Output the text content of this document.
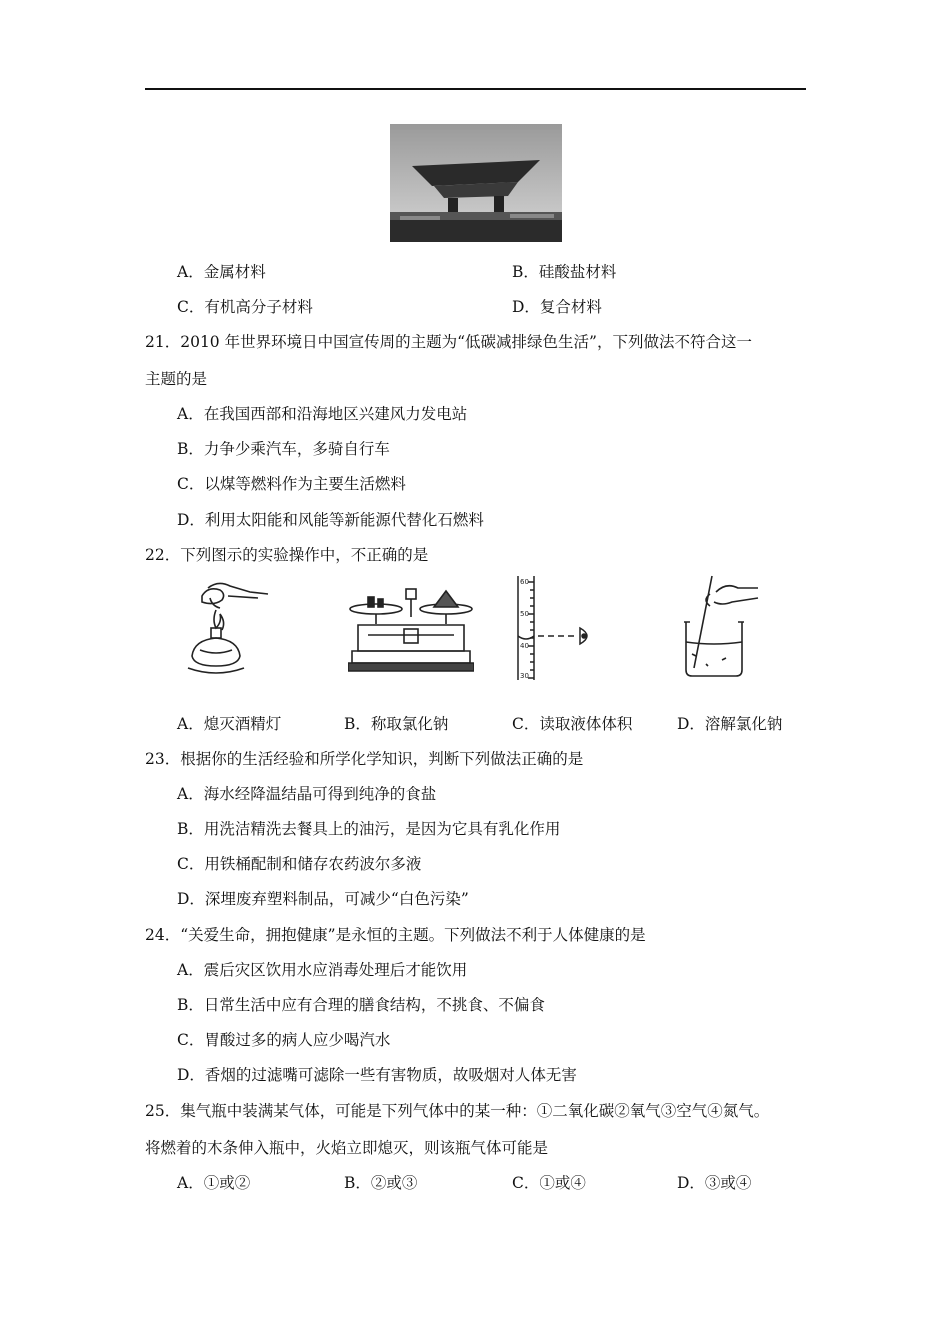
A．金属材料	B．硅酸盐材料
C．有机高分子材料	D．复合材料
21．2010 年世界环境日中国宣传周的主题为“低碳减排绿色生活”，下列做法不符合这一
主题的是
A．在我国西部和沿海地区兴建风力发电站
B．力争少乘汽车，多骑自行车
C．以煤等燃料作为主要生活燃料
D．利用太阳能和风能等新能源代替化石燃料
22．下列图示的实验操作中，不正确的是
60
50
40
30
A．熄灭酒精灯	B．称取氯化钠	C．读取液体体积	D．溶解氯化钠
23．根据你的生活经验和所学化学知识，判断下列做法正确的是
A．海水经降温结晶可得到纯净的食盐
B．用洗洁精洗去餐具上的油污，是因为它具有乳化作用
C．用铁桶配制和储存农药波尔多液
D．深埋废弃塑料制品，可减少“白色污染”
24．“关爱生命，拥抱健康”是永恒的主题。下列做法不利于人体健康的是
A．震后灾区饮用水应消毒处理后才能饮用
B．日常生活中应有合理的膳食结构，不挑食、不偏食
C．胃酸过多的病人应少喝汽水
D．香烟的过滤嘴可滤除一些有害物质，故吸烟对人体无害
25．集气瓶中装满某气体，可能是下列气体中的某一种：①二氧化碳②氧气③空气④氮气。
将燃着的木条伸入瓶中，火焰立即熄灭，则该瓶气体可能是
A．①或②	B．②或③	C．①或④	D．③或④
